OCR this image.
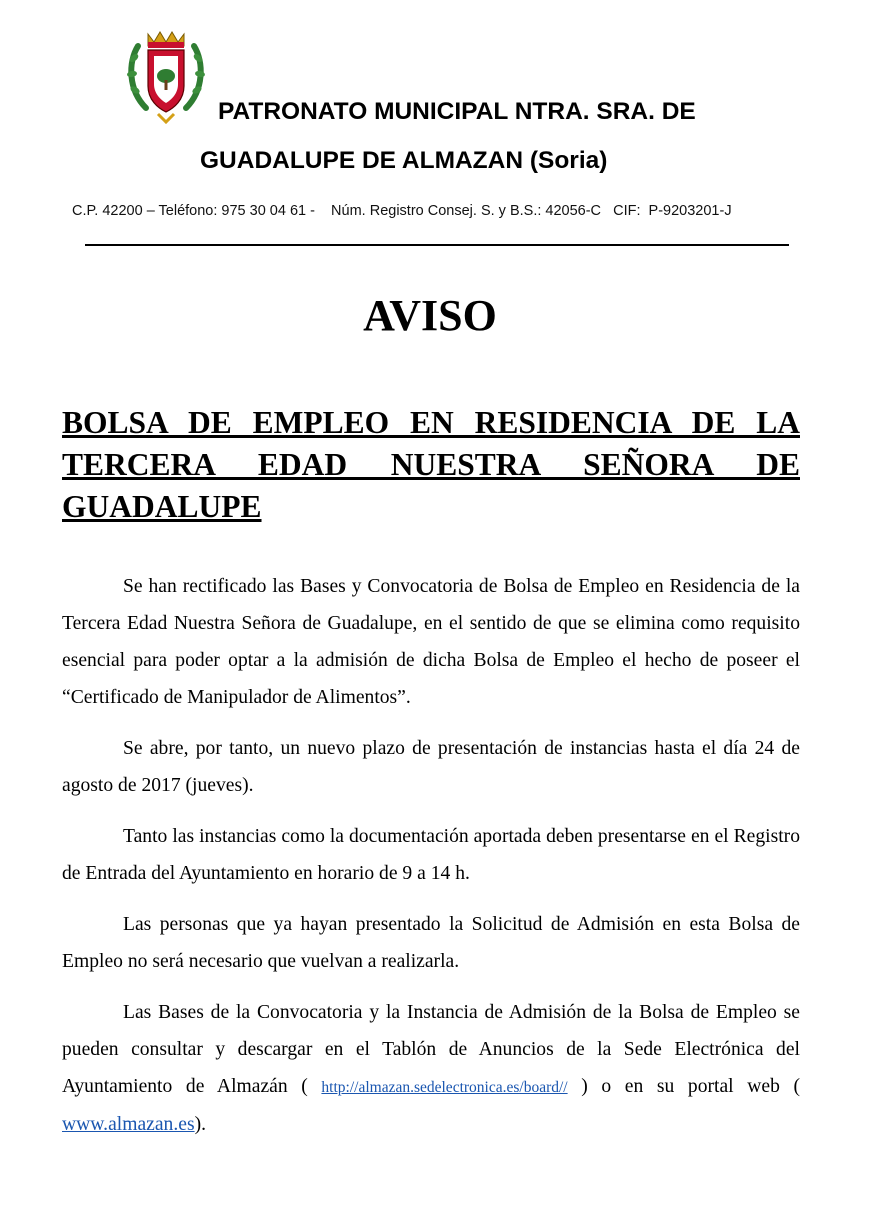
PATRONATO MUNICIPAL NTRA. SRA. DE
GUADALUPE DE ALMAZAN (Soria)
C.P. 42200 – Teléfono: 975 30 04 61 -    Núm. Registro Consej. S. y B.S.: 42056-C   CIF:  P-9203201-J
AVISO
BOLSA DE EMPLEO EN RESIDENCIA DE LA TERCERA EDAD NUESTRA SEÑORA DE GUADALUPE

Se han rectificado las Bases y Convocatoria de Bolsa de Empleo en Residencia de la Tercera Edad Nuestra Señora de Guadalupe, en el sentido de que se elimina como requisito esencial para poder optar a la admisión de dicha Bolsa de Empleo el hecho de poseer el “Certificado de Manipulador de Alimentos”.

Se abre, por tanto, un nuevo plazo de presentación de instancias hasta el día 24 de agosto de 2017 (jueves).

Tanto las instancias como la documentación aportada deben presentarse en el Registro de Entrada del Ayuntamiento en horario de 9 a 14 h.

Las personas que ya hayan presentado la Solicitud de Admisión en esta Bolsa de Empleo no será necesario que vuelvan a realizarla.

Las Bases de la Convocatoria y la Instancia de Admisión de la Bolsa de Empleo se pueden consultar y descargar en el Tablón de Anuncios de la Sede Electrónica del Ayuntamiento de Almazán ( http://almazan.sedelectronica.es/board// ) o en su portal web ( www.almazan.es).
